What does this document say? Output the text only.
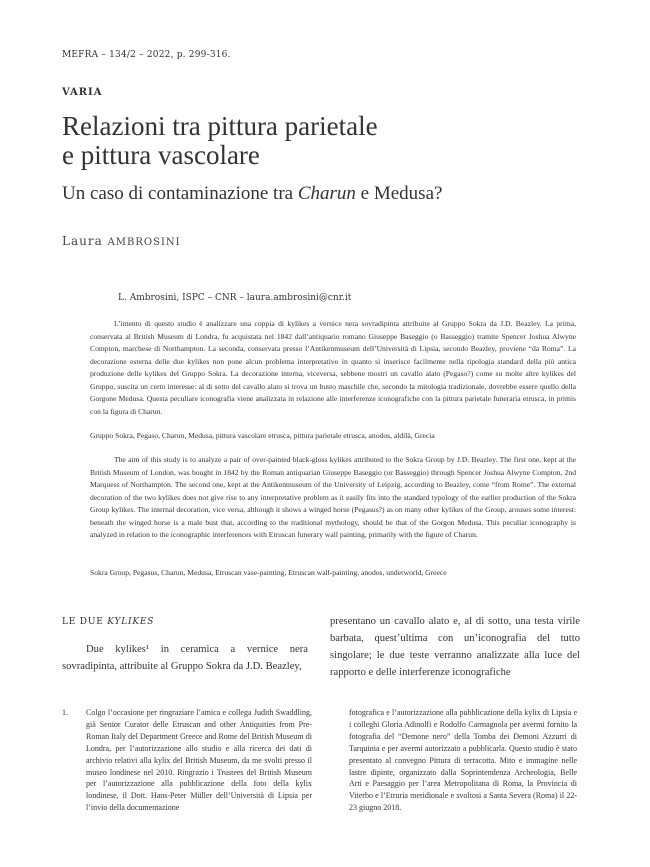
MEFRA – 134/2 – 2022, p. 299-316.
VARIA
Relazioni tra pittura parietale
e pittura vascolare
Un caso di contaminazione tra Charun e Medusa?
Laura AMBROSINI
L. Ambrosini, ISPC – CNR – laura.ambrosini@cnr.it
L’intento di questo studio è analizzare una coppia di kylikes a vernice nera sovradipinta attribuite al Gruppo Sokra da J.D. Beazley. La prima, conservata al British Museum di Londra, fu acquistata nel 1842 dall’antiquario romano Giuseppe Baseggio (o Basseggio) tramite Spencer Joshua Alwyne Compton, marchese di Northampton. La seconda, conservata presso l’Antikenmuseum dell’Università di Lipsia, secondo Beazley, proviene “da Roma”. La decorazione esterna delle due kylikes non pone alcun problema interpretativo in quanto si inserisce facilmente nella tipologia standard della più antica produzione delle kylikes del Gruppo Sokra. La decorazione interna, viceversa, sebbene mostri un cavallo alato (Pegaso?) come su molte altre kylikes del Gruppo, suscita un certo interesse: al di sotto del cavallo alato si trova un busto maschile che, secondo la mitologia tradizionale, dovrebbe essere quello della Gorgone Medusa. Questa peculiare iconografia viene analizzata in relazione alle interferenze iconografiche con la pittura parietale funeraria etrusca, in primis con la figura di Charun.
Gruppo Sokra, Pegaso, Charun, Medusa, pittura vascolare etrusca, pittura parietale etrusca, anodos, aldilà, Grecia
The aim of this study is to analyze a pair of over-painted black-gloss kylikes attributed to the Sokra Group by J.D. Beazley. The first one, kept at the British Museum of London, was bought in 1842 by the Roman antiquarian Giuseppe Baseggio (or Basseggio) through Spencer Joshua Alwyne Compton, 2nd Marquess of Northampton. The second one, kept at the Antikenmuseum of the University of Leipzig, according to Beazley, come “from Rome”. The external decoration of the two kylikes does not give rise to any interpretative problem as it easily fits into the standard typology of the earlier production of the Sokra Group kylikes. The internal decoration, vice versa, although it shows a winged horse (Pegasus?) as on many other kylikes of the Group, arouses some interest: beneath the winged horse is a male bust that, according to the traditional mythology, should be that of the Gorgon Medusa. This peculiar iconography is analyzed in relation to the iconographic interferences with Etruscan funerary wall painting, primarily with the figure of Charun.
Sokra Group, Pegasus, Charun, Medusa, Etruscan vase-painting, Etruscan wall-painting, anodos, underworld, Greece
LE DUE KYLIKES
Due kylikes¹ in ceramica a vernice nera sovradipinta, attribuite al Gruppo Sokra da J.D. Beazley,
presentano un cavallo alato e, al di sotto, una testa virile barbata, quest’ultima con un’iconografia del tutto singolare; le due teste verranno analizzate alla luce del rapporto e delle interferenze iconografiche
1.	Colgo l’occasione per ringraziare l’amica e collega Judith Swaddling, già Senior Curator delle Etruscan and other Antiquities from Pre-Roman Italy del Department Greece and Rome del British Museum di Londra, per l’autorizzazione allo studio e alla ricerca dei dati di archivio relativi alla kylix del British Museum, da me svolti presso il museo londinese nel 2010. Ringrazio i Trustees del British Museum per l’autorizzazione alla pubblicazione della foto della kylix londinese, il Dott. Hans-Peter Müller dell’Università di Lipsia per l’invio della documentazione
fotografica e l’autorizzazione alla pubblicazione della kylix di Lipsia e i colleghi Gloria Adinolfi e Rodolfo Carmagnola per avermi fornito la fotografia del “Demone nero” della Tomba dei Demoni Azzurri di Tarquinia e per avermi autorizzato a pubblicarla. Questo studio è stato presentato al convegno Pittura di terracotta. Mito e immagine nelle lastre dipinte, organizzato dalla Soprintendenza Archeologia, Belle Arti e Paesaggio per l’area Metropolitana di Roma, la Provincia di Viterbo e l’Etruria meridionale e svoltosi a Santa Severa (Roma) il 22-23 giugno 2018.
